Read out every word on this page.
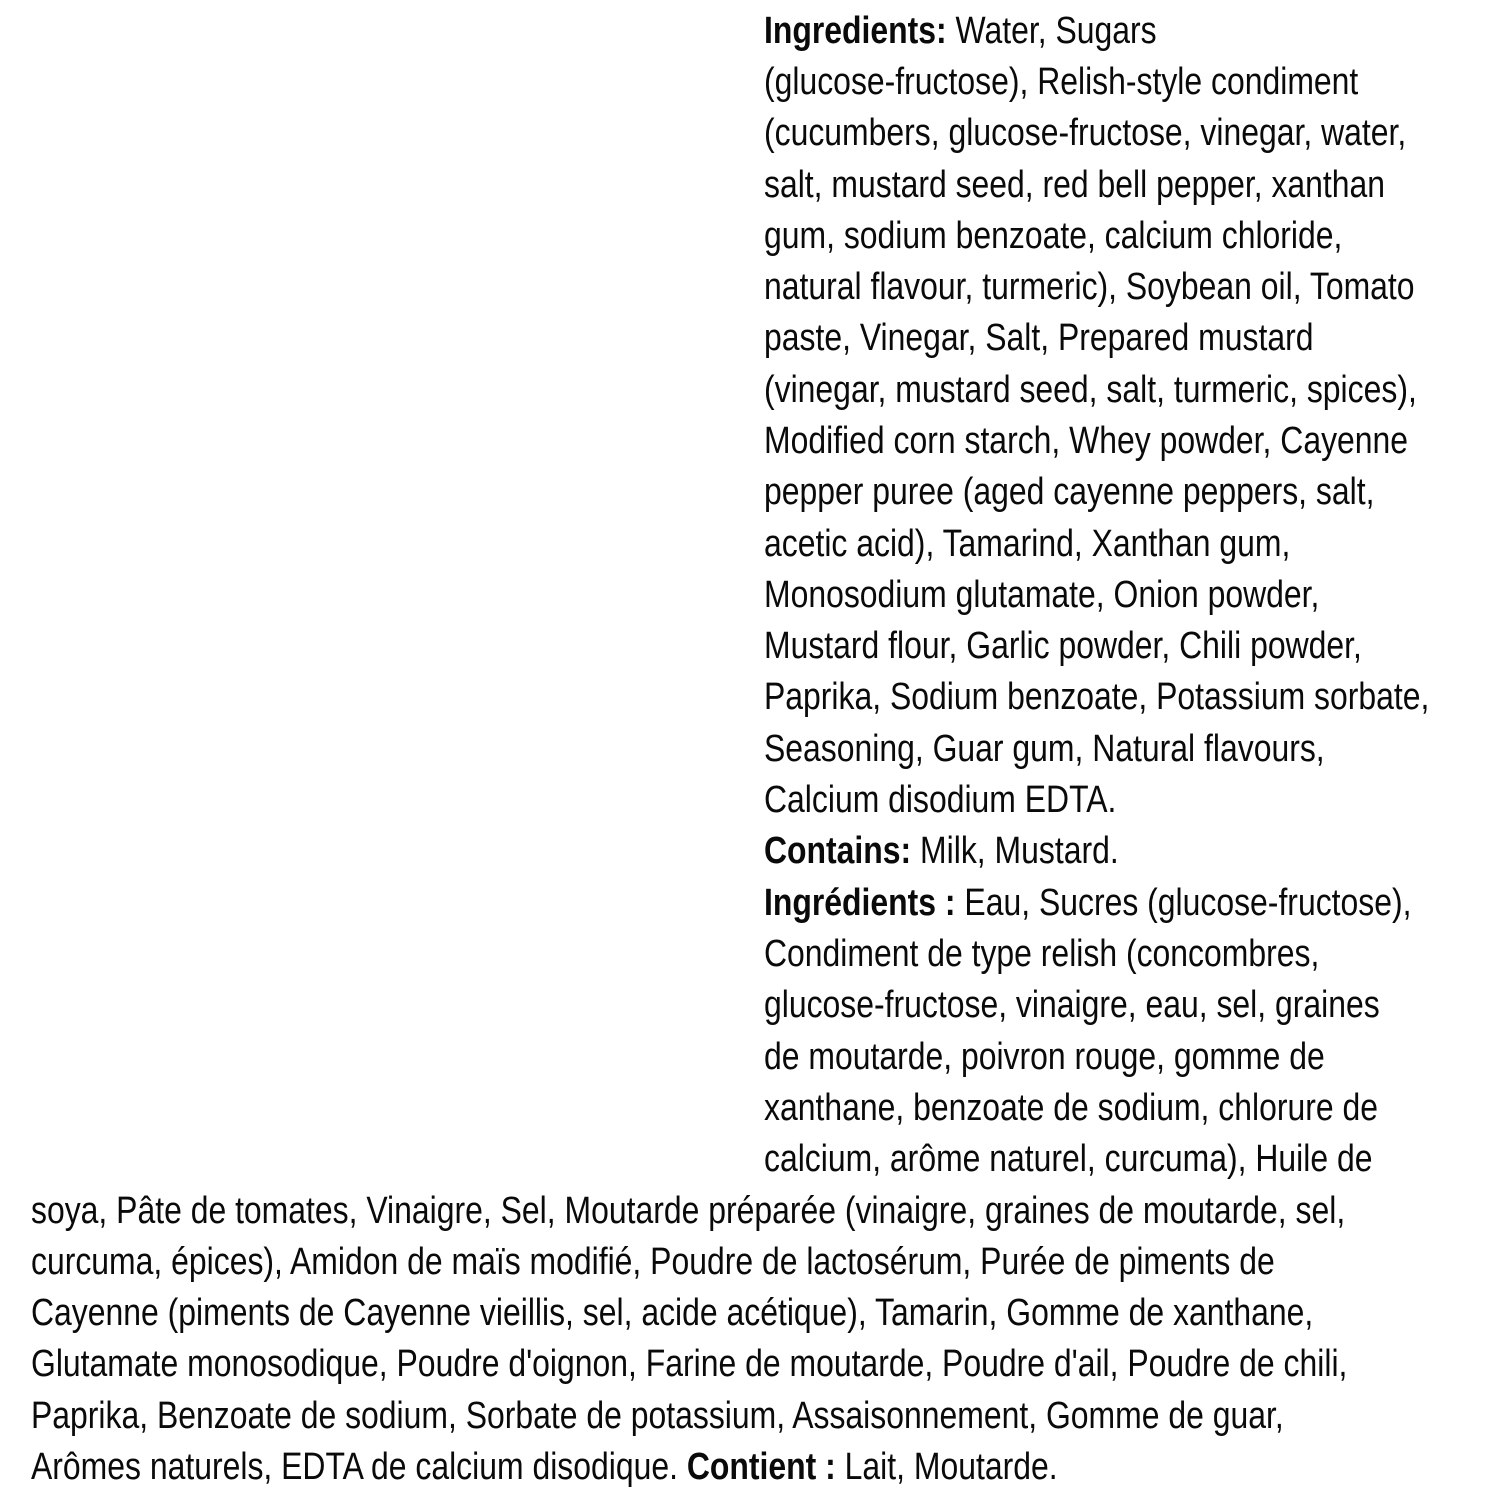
Ingredients: Water, Sugars
(glucose-fructose), Relish-style condiment
(cucumbers, glucose-fructose, vinegar, water,
salt, mustard seed, red bell pepper, xanthan
gum, sodium benzoate, calcium chloride,
natural flavour, turmeric), Soybean oil, Tomato
paste, Vinegar, Salt, Prepared mustard
(vinegar, mustard seed, salt, turmeric, spices),
Modified corn starch, Whey powder, Cayenne
pepper puree (aged cayenne peppers, salt,
acetic acid), Tamarind, Xanthan gum,
Monosodium glutamate, Onion powder,
Mustard flour, Garlic powder, Chili powder,
Paprika, Sodium benzoate, Potassium sorbate,
Seasoning, Guar gum, Natural flavours,
Calcium disodium EDTA.
Contains: Milk, Mustard.
Ingrédients : Eau, Sucres (glucose-fructose),
Condiment de type relish (concombres,
glucose-fructose, vinaigre, eau, sel, graines
de moutarde, poivron rouge, gomme de
xanthane, benzoate de sodium, chlorure de
calcium, arôme naturel, curcuma), Huile de
soya, Pâte de tomates, Vinaigre, Sel, Moutarde préparée (vinaigre, graines de moutarde, sel,
curcuma, épices), Amidon de maïs modifié, Poudre de lactosérum, Purée de piments de
Cayenne (piments de Cayenne vieillis, sel, acide acétique), Tamarin, Gomme de xanthane,
Glutamate monosodique, Poudre d'oignon, Farine de moutarde, Poudre d'ail, Poudre de chili,
Paprika, Benzoate de sodium, Sorbate de potassium, Assaisonnement, Gomme de guar,
Arômes naturels, EDTA de calcium disodique. Contient : Lait, Moutarde.
